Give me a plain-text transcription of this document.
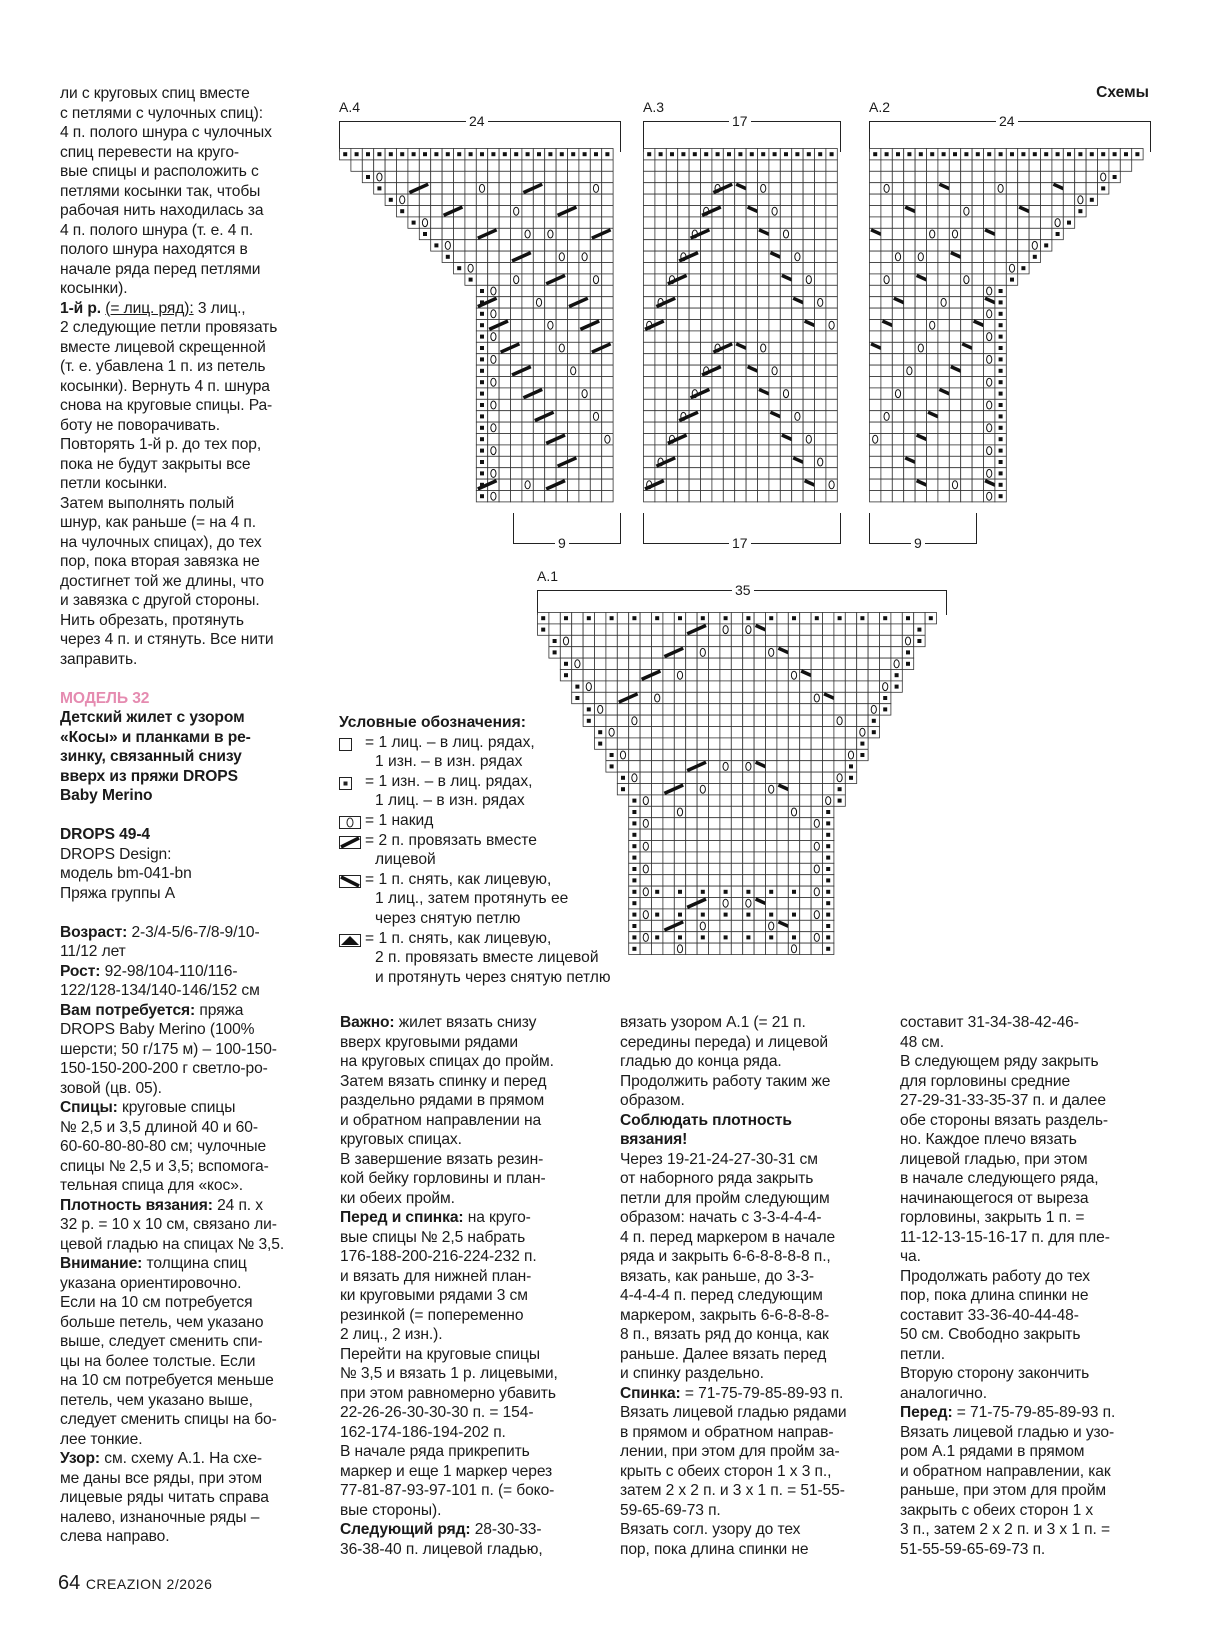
ли с круговых спиц вместе

с петлями с чулочных спиц):

4 п. полого шнура с чулочных

спиц перевести на круго-

вые спицы и расположить с

петлями косынки так, чтобы

рабочая нить находилась за

4 п. полого шнура (т. е. 4 п.

полого шнура находятся в

начале ряда перед петлями

косынки).

1-й р. (= лиц. ряд): 3 лиц.,

2 следующие петли провязать

вместе лицевой скрещенной

(т. е. убавлена 1 п. из петель

косынки). Вернуть 4 п. шнура

снова на круговые спицы. Ра-

боту не поворачивать.

Повторять 1-й р. до тех пор,

пока не будут закрыты все

петли косынки.

Затем выполнять полый

шнур, как раньше (= на 4 п.

на чулочных спицах), до тех

пор, пока вторая завязка не

достигнет той же длины, что

и завязка с другой стороны.

Нить обрезать, протянуть

через 4 п. и стянуть. Все нити

заправить.

МОДЕЛЬ 32

Детский жилет с узором

«Косы» и планками в ре-

зинку, связанный снизу

вверх из пряжи DROPS

Baby Merino

DROPS 49-4

DROPS Design:

модель bm-041-bn

Пряжа группы А

Возраст: 2-3/4-5/6-7/8-9/10-

11/12 лет

Рост: 92-98/104-110/116-

122/128-134/140-146/152 см

Вам потребуется: пряжа

DROPS Baby Merino (100%

шерсти; 50 г/175 м) – 100-150-

150-150-200-200 г светло-ро-

зовой (цв. 05).

Спицы: круговые спицы

№ 2,5 и 3,5 длиной 40 и 60-

60-60-80-80-80 см; чулочные

спицы № 2,5 и 3,5; вспомога-

тельная спица для «кос».

Плотность вязания: 24 п. х

32 р. = 10 х 10 см, связано ли-

цевой гладью на спицах № 3,5.

Внимание: толщина спиц

указана ориентировочно.

Если на 10 см потребуется

больше петель, чем указано

выше, следует сменить спи-

цы на более толстые. Если

на 10 см потребуется меньше

петель, чем указано выше,

следует сменить спицы на бо-

лее тонкие.

Узор: см. схему А.1. На схе-

ме даны все ряды, при этом

лицевые ряды читать справа

налево, изнаночные ряды –

слева направо.

Важно: жилет вязать снизу

вверх круговыми рядами

на круговых спицах до пройм.

Затем вязать спинку и перед

раздельно рядами в прямом

и обратном направлении на

круговых спицах.

В завершение вязать резин-

кой бейку горловины и план-

ки обеих пройм.

Перед и спинка: на круго-

вые спицы № 2,5 набрать

176-188-200-216-224-232 п.

и вязать для нижней план-

ки круговыми рядами 3 см

резинкой (= попеременно

2 лиц., 2 изн.).

Перейти на круговые спицы

№ 3,5 и вязать 1 р. лицевыми,

при этом равномерно убавить

22-26-26-30-30-30 п. = 154-

162-174-186-194-202 п.

В начале ряда прикрепить

маркер и еще 1 маркер через

77-81-87-93-97-101 п. (= боко-

вые стороны).

Следующий ряд: 28-30-33-

36-38-40 п. лицевой гладью,

вязать узором А.1 (= 21 п.

середины переда) и лицевой

гладью до конца ряда.

Продолжить работу таким же

образом.

Соблюдать плотность

вязания!

Через 19-21-24-27-30-31 см

от наборного ряда закрыть

петли для пройм следующим

образом: начать с 3-3-4-4-4-

4 п. перед маркером в начале

ряда и закрыть 6-6-8-8-8-8 п.,

вязать, как раньше, до 3-3-

4-4-4-4 п. перед следующим

маркером, закрыть 6-6-8-8-8-

8 п., вязать ряд до конца, как

раньше. Далее вязать перед

и спинку раздельно.

Спинка: = 71-75-79-85-89-93 п.

Вязать лицевой гладью рядами

в прямом и обратном направ-

лении, при этом для пройм за-

крыть с обеих сторон 1 х 3 п.,

затем 2 х 2 п. и 3 х 1 п. = 51-55-

59-65-69-73 п.

Вязать согл. узору до тех

пор, пока длина спинки не

составит 31-34-38-42-46-

48 см.

В следующем ряду закрыть

для горловины средние

27-29-31-33-35-37 п. и далее

обе стороны вязать раздель-

но. Каждое плечо вязать

лицевой гладью, при этом

в начале следующего ряда,

начинающегося от выреза

горловины, закрыть 1 п. =

11-12-13-15-16-17 п. для пле-

ча.

Продолжать работу до тех

пор, пока длина спинки не

составит 33-36-40-44-48-

50 см. Свободно закрыть

петли.

Вторую сторону закончить

аналогично.

Перед: = 71-75-79-85-89-93 п.

Вязать лицевой гладью и узо-

ром А.1 рядами в прямом

и обратном направлении, как

раньше, при этом для пройм

закрыть с обеих сторон 1 х

3 п., затем 2 х 2 п. и 3 х 1 п. =

51-55-59-65-69-73 п.

Схемы
А.4	А.3	А.2
А.1
24
9
17
17
24
9
35
Условные обозначения:
= 1 лиц. – в лиц. рядах,
1 изн. – в изн. рядах
= 1 изн. – в лиц. рядах,
1 лиц. – в изн. рядах
= 1 накид
= 2 п. провязать вместе
лицевой
= 1 п. снять, как лицевую,
1 лиц., затем протянуть ее
через снятую петлю
= 1 п. снять, как лицевую,
2 п. провязать вместе лицевой
и протянуть через снятую петлю
64 CREAZION 2/2026
